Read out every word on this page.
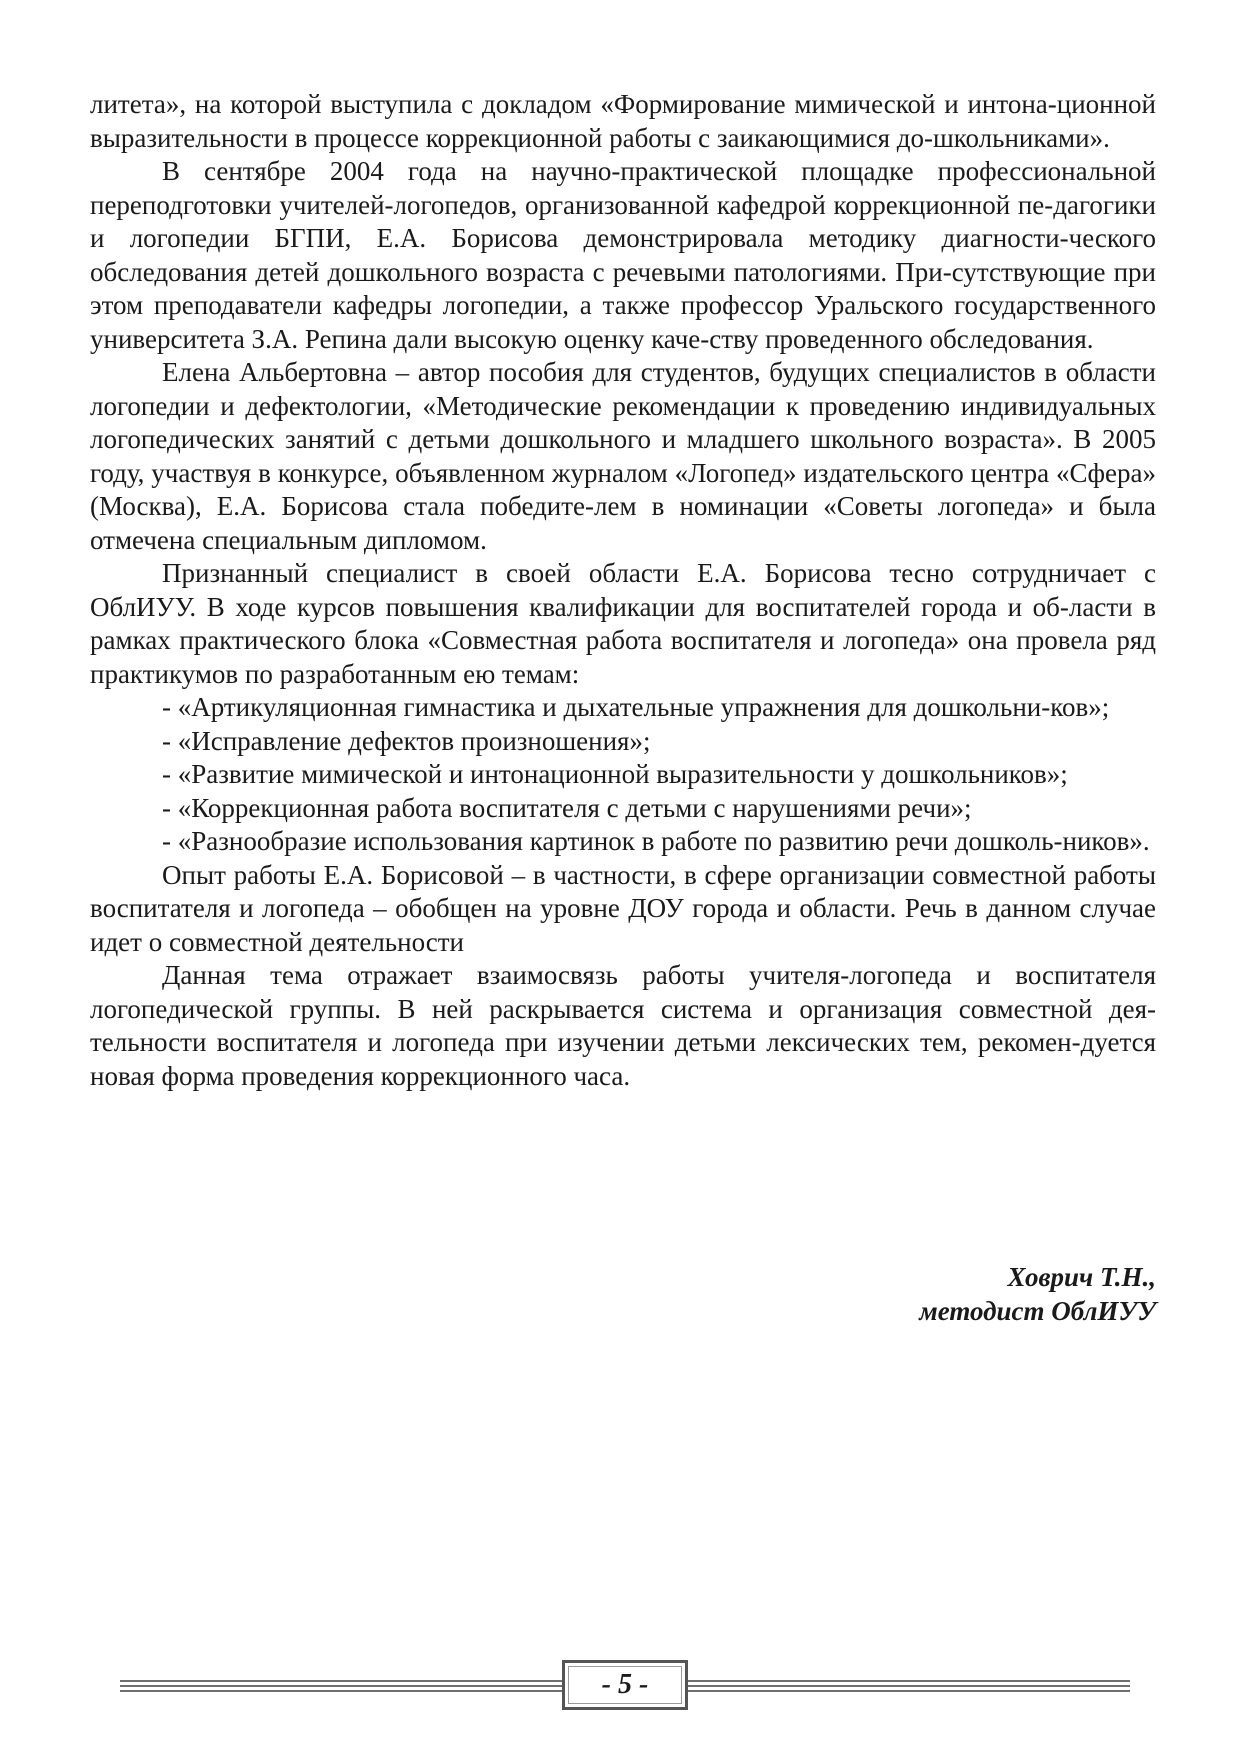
литета», на которой выступила с докладом «Формирование мимической и интона-ционной выразительности в процессе коррекционной работы с заикающимися до-школьниками».

В сентябре 2004 года на научно-практической площадке профессиональной переподготовки учителей-логопедов, организованной кафедрой коррекционной пе-дагогики и логопедии БГПИ, Е.А. Борисова демонстрировала методику диагности-ческого обследования детей дошкольного возраста с речевыми патологиями. При-сутствующие при этом преподаватели кафедры логопедии, а также профессор Уральского государственного университета З.А. Репина дали высокую оценку каче-ству проведенного обследования.

Елена Альбертовна – автор пособия для студентов, будущих специалистов в области логопедии и дефектологии, «Методические рекомендации к проведению индивидуальных логопедических занятий с детьми дошкольного и младшего школьного возраста». В 2005 году, участвуя в конкурсе, объявленном журналом «Логопед» издательского центра «Сфера» (Москва), Е.А. Борисова стала победите-лем в номинации «Советы логопеда» и была отмечена специальным дипломом.

Признанный специалист в своей области Е.А. Борисова тесно сотрудничает с ОблИУУ. В ходе курсов повышения квалификации для воспитателей города и об-ласти в рамках практического блока «Совместная работа воспитателя и логопеда» она провела ряд практикумов по разработанным ею темам:

- «Артикуляционная гимнастика и дыхательные упражнения для дошкольни-ков»;

- «Исправление дефектов произношения»;

- «Развитие мимической и интонационной выразительности у дошкольников»;

- «Коррекционная работа воспитателя с детьми с нарушениями речи»;

- «Разнообразие использования картинок в работе по развитию речи дошколь-ников».

Опыт работы Е.А. Борисовой – в частности, в сфере организации совместной работы воспитателя и логопеда – обобщен на уровне ДОУ города и области. Речь в данном случае идет о совместной деятельности

Данная тема отражает взаимосвязь работы учителя-логопеда и воспитателя логопедической группы. В ней раскрывается система и организация совместной дея-тельности воспитателя и логопеда при изучении детьми лексических тем, рекомен-дуется новая форма проведения коррекционного часа.

Ховрич Т.Н.,
методист ОблИУУ
- 5 -
